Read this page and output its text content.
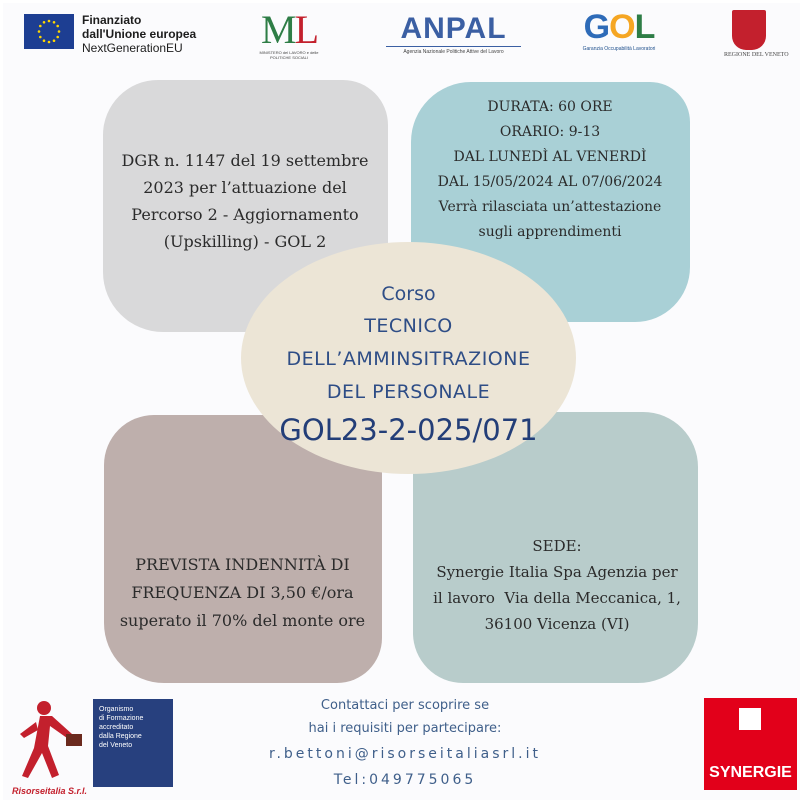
Finanziato
dall'Unione europea
NextGenerationEU	ML
MINISTERO del LAVORO e delle POLITICHE SOCIALI
ANPAL
Agenzia Nazionale Politiche Attive del Lavoro
GOL
Garanzia Occupabilità Lavoratori
REGIONE DEL VENETO
DGR n. 1147 del 19 settembre
2023 per l’attuazione del
Percorso 2 - Aggiornamento
(Upskilling) - GOL 2
DURATA: 60 ORE
ORARIO: 9-13
DAL LUNEDÌ AL VENERDÌ
DAL 15/05/2024 AL 07/06/2024
Verrà rilasciata un’attestazione
sugli apprendimenti
PREVISTA INDENNITÀ DI
FREQUENZA DI 3,50 €/ora
superato il 70% del monte ore
SEDE:
Synergie Italia Spa Agenzia per
il lavoro  Via della Meccanica, 1,
36100 Vicenza (VI)
Corso
TECNICO
DELL’AMMINSITRAZIONE
DEL PERSONALE
GOL23-2-025/071
Risorseitalia S.r.l.
Organismo
di Formazione
accreditato
dalla Regione
del Veneto
Contattaci per scoprire se
hai i requisiti per partecipare:
r.bettoni@risorseitaliasrl.it
Tel:049775065	SYNERGIE
